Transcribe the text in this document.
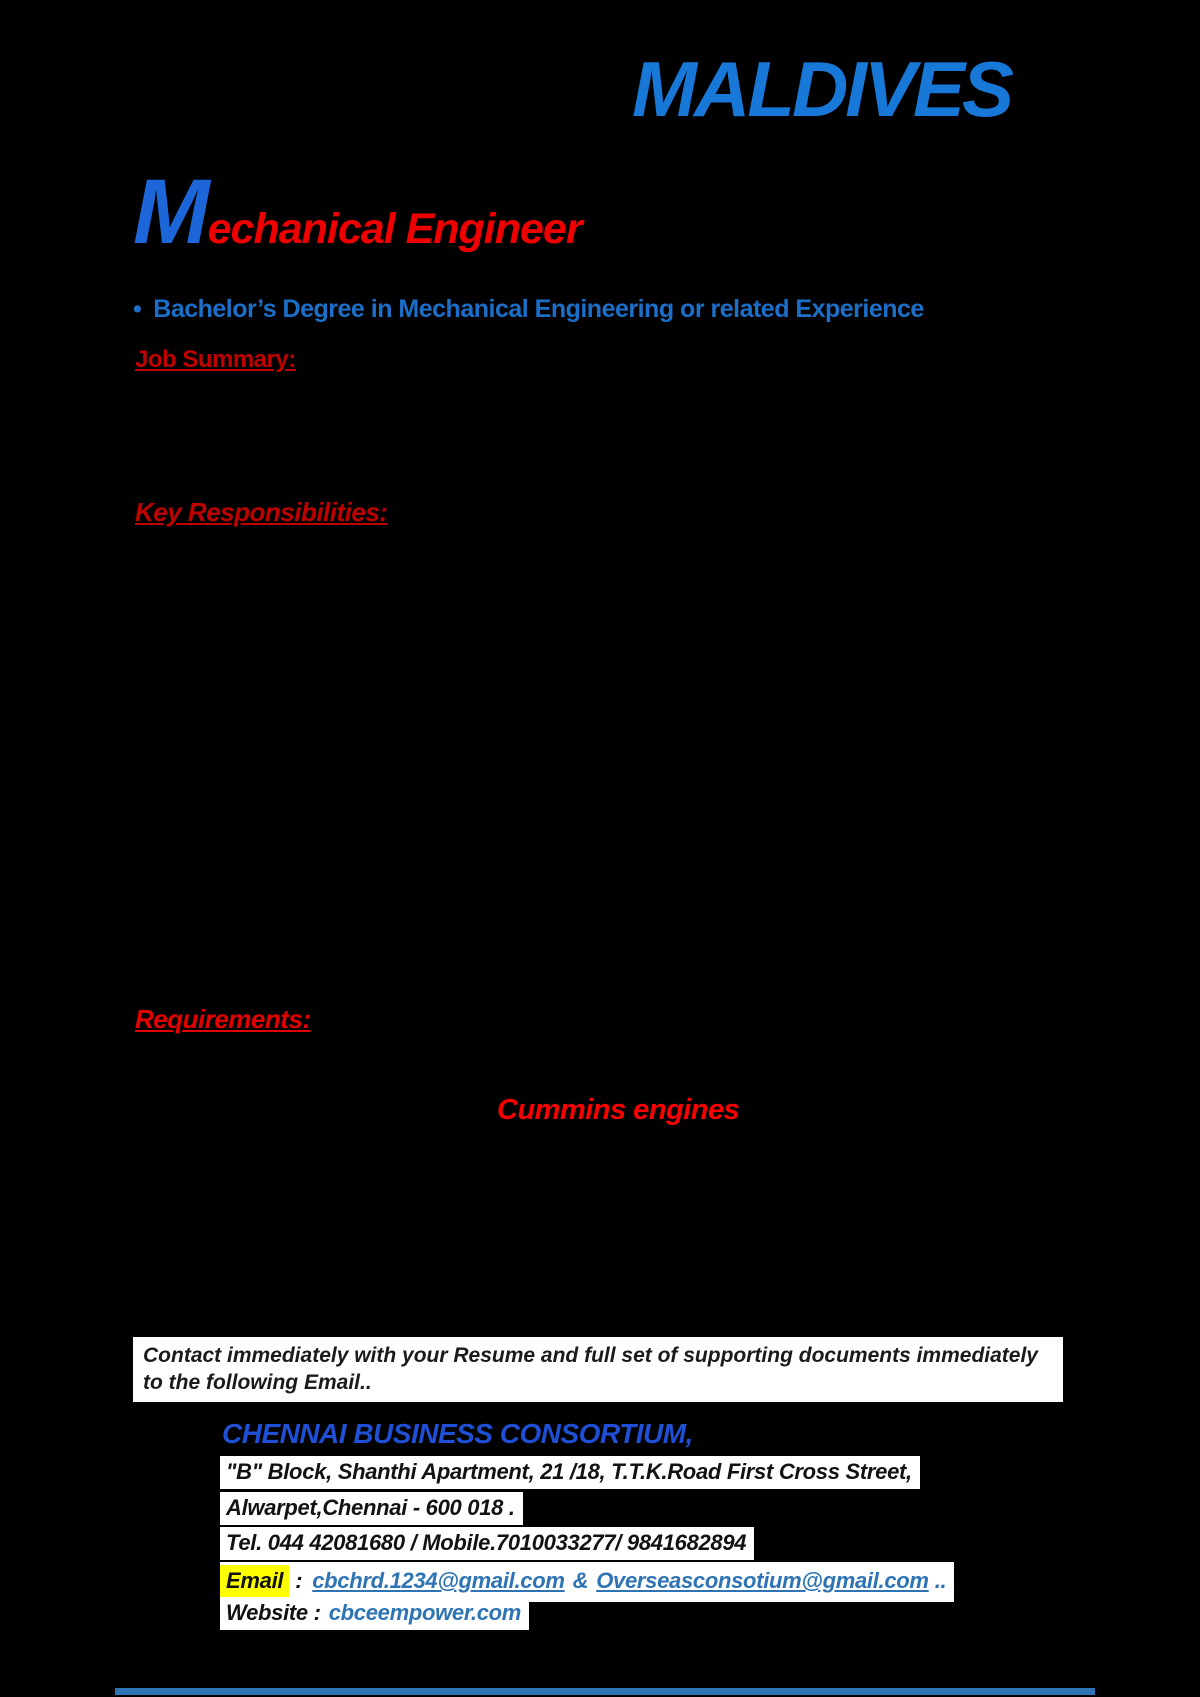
MALDIVES
Mechanical Engineer
• Bachelor’s Degree in Mechanical Engineering or related Experience
Job Summary:
Key Responsibilities:
Requirements:
Cummins engines
Contact immediately with your Resume and full set of supporting documents immediately
to the following Email..
CHENNAI BUSINESS CONSORTIUM,
"B" Block, Shanthi Apartment, 21 /18, T.T.K.Road First Cross Street,
Alwarpet,Chennai - 600 018 .
Tel. 044 42081680 / Mobile.7010033277/ 9841682894
Email : cbchrd.1234@gmail.com & Overseasconsotium@gmail.com ..
Website : cbceempower.com
